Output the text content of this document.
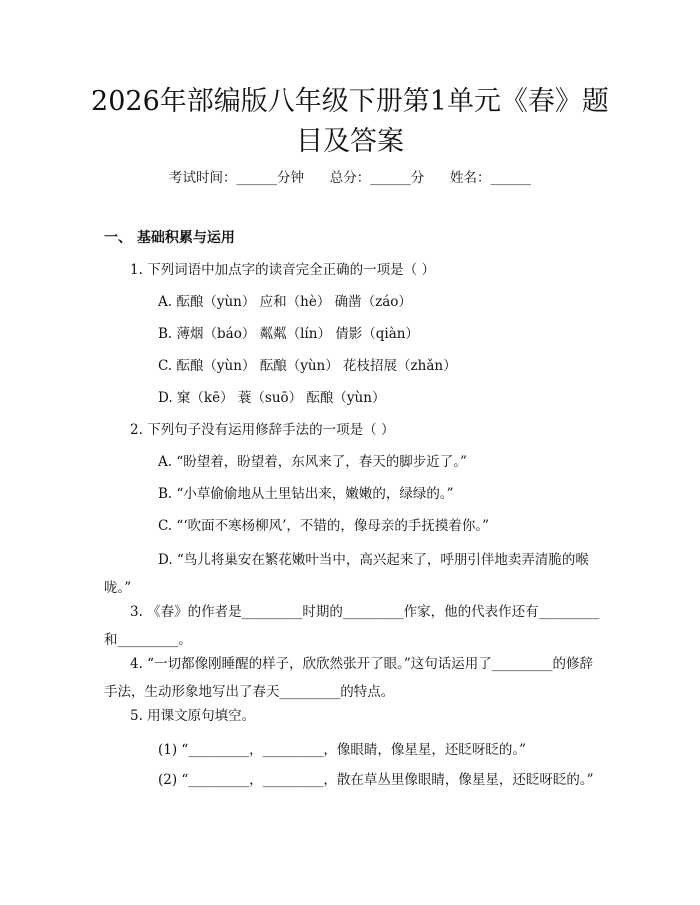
2026年部编版八年级下册第1单元《春》题目及答案
考试时间：______分钟      总分：______分      姓名：______
一、 基础积累与运用
1. 下列词语中加点字的读音完全正确的一项是（ ）
A. 酝酿（yùn） 应和（hè） 确凿（záo）
B. 薄烟（báo） 粼粼（lín） 倩影（qiàn）
C. 酝酿（yùn） 酝酿（yùn） 花枝招展（zhǎn）
D. 窠（kē） 蓑（suō） 酝酿（yùn）
2. 下列句子没有运用修辞手法的一项是（ ）
A. “盼望着，盼望着，东风来了，春天的脚步近了。”
B. “小草偷偷地从土里钻出来，嫩嫩的，绿绿的。”
C. “‘吹面不寒杨柳风’，不错的，像母亲的手抚摸着你。”
D. “鸟儿将巢安在繁花嫩叶当中，高兴起来了，呼朋引伴地卖弄清脆的喉咙。”
3. 《春》的作者是_________时期的_________作家，他的代表作还有_________和_________。
4. “一切都像刚睡醒的样子，欣欣然张开了眼。”这句话运用了_________的修辞手法，生动形象地写出了春天_________的特点。
5. 用课文原句填空。
(1) “_________，_________，像眼睛，像星星，还眨呀眨的。”
(2) “_________，_________，散在草丛里像眼睛，像星星，还眨呀眨的。”
